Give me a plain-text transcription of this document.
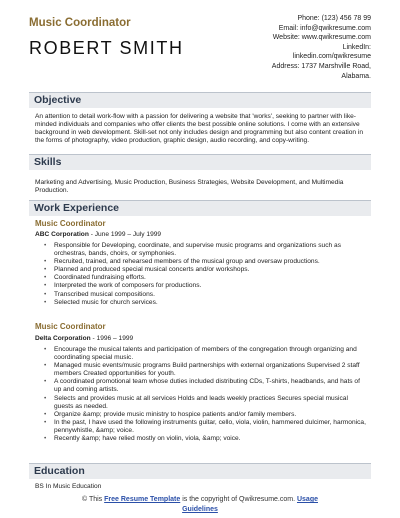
Music Coordinator
ROBERT SMITH
Phone: (123) 456 78 99
Email: info@qwikresume.com
Website: www.qwikresume.com
LinkedIn:
linkedin.com/qwikresume
Address: 1737 Marshville Road,
Alabama.
Objective
An attention to detail work-flow with a passion for delivering a website that 'works', seeking to partner with like-minded individuals and companies who offer clients the best possible online solutions. I come with an extensive background in web development. Skill-set not only includes design and programming but also content creation in the forms of photography, video production, graphic design, audio recording, and copy-writing.
Skills
Marketing and Advertising, Music Production, Business Strategies, Website Development, and Multimedia Production.
Work Experience
Music Coordinator
ABC Corporation - June 1999 – July 1999
• Responsible for Developing, coordinate, and supervise music programs and organizations such as orchestras, bands, choirs, or symphonies.
• Recruited, trained, and rehearsed members of the musical group and oversaw productions.
• Planned and produced special musical concerts and/or workshops.
• Coordinated fundraising efforts.
• Interpreted the work of composers for productions.
• Transcribed musical compositions.
• Selected music for church services.
Music Coordinator
Delta Corporation - 1996 – 1999
• Encourage the musical talents and participation of members of the congregation through organizing and coordinating special music.
• Managed music events/music programs Build partnerships with external organizations Supervised 2 staff members Created opportunities for youth.
• A coordinated promotional team whose duties included distributing CDs, T-shirts, headbands, and hats of up and coming artists.
• Selects and provides music at all services Holds and leads weekly practices Secures special musical guests as needed.
• Organize &amp; provide music ministry to hospice patients and/or family members.
• In the past, I have used the following instruments guitar, cello, viola, violin, hammered dulcimer, harmonica, pennywhistle, &amp; voice.
• Recently &amp; have relied mostly on violin, viola, &amp; voice.
Education
BS In Music Education
© This Free Resume Template is the copyright of Qwikresume.com. Usage
Guidelines
